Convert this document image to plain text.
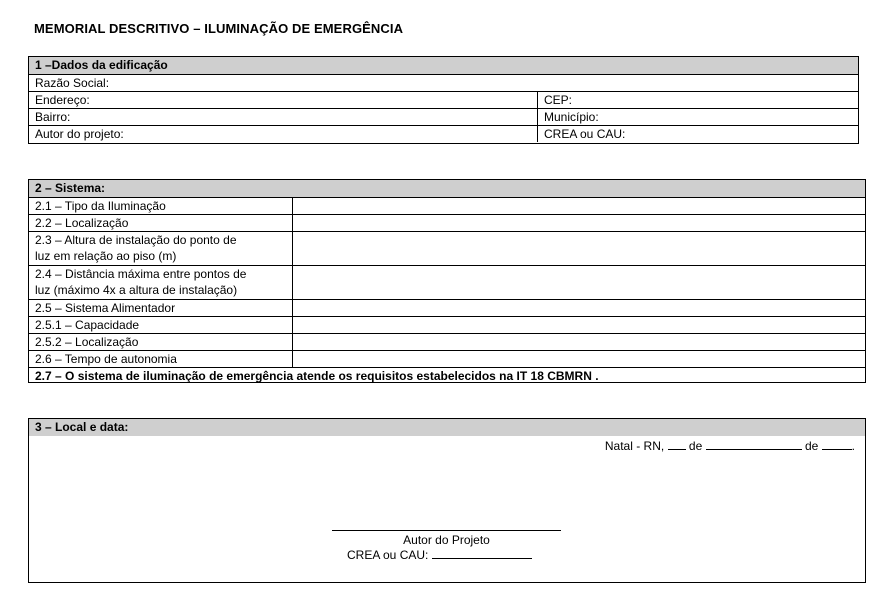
MEMORIAL DESCRITIVO – ILUMINAÇÃO DE EMERGÊNCIA
1 –Dados da edificação
Razão Social:
Endereço:	CEP:
Bairro:	Município:
Autor do projeto:	CREA ou CAU:
2 – Sistema:
2.1 – Tipo da Iluminação
2.2 – Localização
2.3 – Altura de instalação do ponto de
luz em relação ao piso (m)
2.4 – Distância máxima entre pontos de
luz (máximo 4x a altura de instalação)
2.5 – Sistema Alimentador
2.5.1 – Capacidade
2.5.2 – Localização
2.6 – Tempo de autonomia
2.7 – O sistema de iluminação de emergência atende os requisitos estabelecidos na IT 18 CBMRN .
3 – Local e data:
Natal - RN, de	de	.
Autor do Projeto
CREA ou CAU:
